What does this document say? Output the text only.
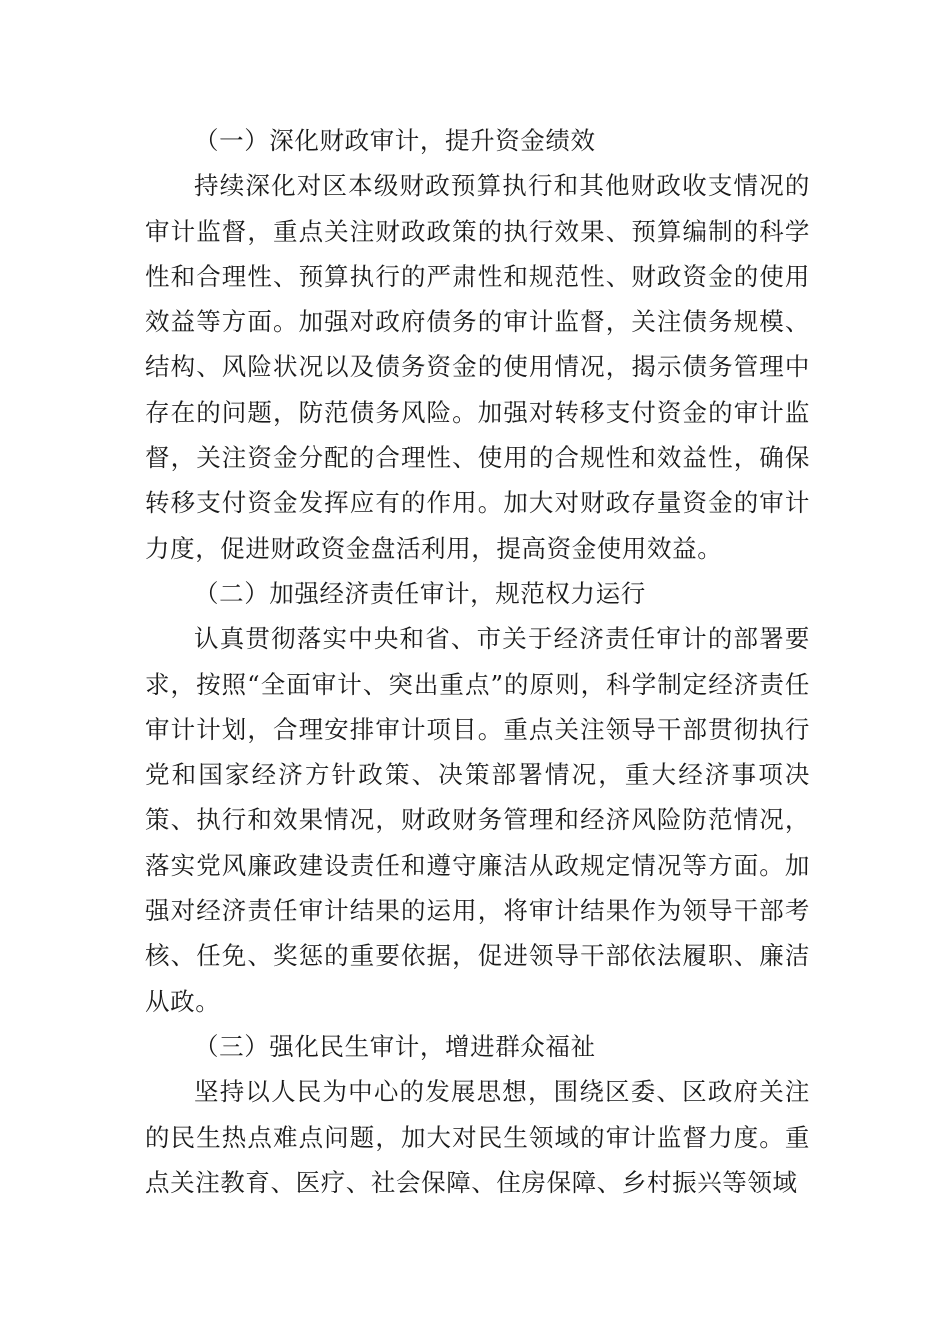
（一）深化财政审计，提升资金绩效

持续深化对区本级财政预算执行和其他财政收支情况的审计监督，重点关注财政政策的执行效果、预算编制的科学性和合理性、预算执行的严肃性和规范性、财政资金的使用效益等方面。加强对政府债务的审计监督，关注债务规模、结构、风险状况以及债务资金的使用情况，揭示债务管理中存在的问题，防范债务风险。加强对转移支付资金的审计监督，关注资金分配的合理性、使用的合规性和效益性，确保转移支付资金发挥应有的作用。加大对财政存量资金的审计力度，促进财政资金盘活利用，提高资金使用效益。

（二）加强经济责任审计，规范权力运行

认真贯彻落实中央和省、市关于经济责任审计的部署要求，按照“全面审计、突出重点”的原则，科学制定经济责任审计计划，合理安排审计项目。重点关注领导干部贯彻执行党和国家经济方针政策、决策部署情况，重大经济事项决策、执行和效果情况，财政财务管理和经济风险防范情况，落实党风廉政建设责任和遵守廉洁从政规定情况等方面。加强对经济责任审计结果的运用，将审计结果作为领导干部考核、任免、奖惩的重要依据，促进领导干部依法履职、廉洁从政。

（三）强化民生审计，增进群众福祉

坚持以人民为中心的发展思想，围绕区委、区政府关注的民生热点难点问题，加大对民生领域的审计监督力度。重点关注教育、医疗、社会保障、住房保障、乡村振兴等领域
